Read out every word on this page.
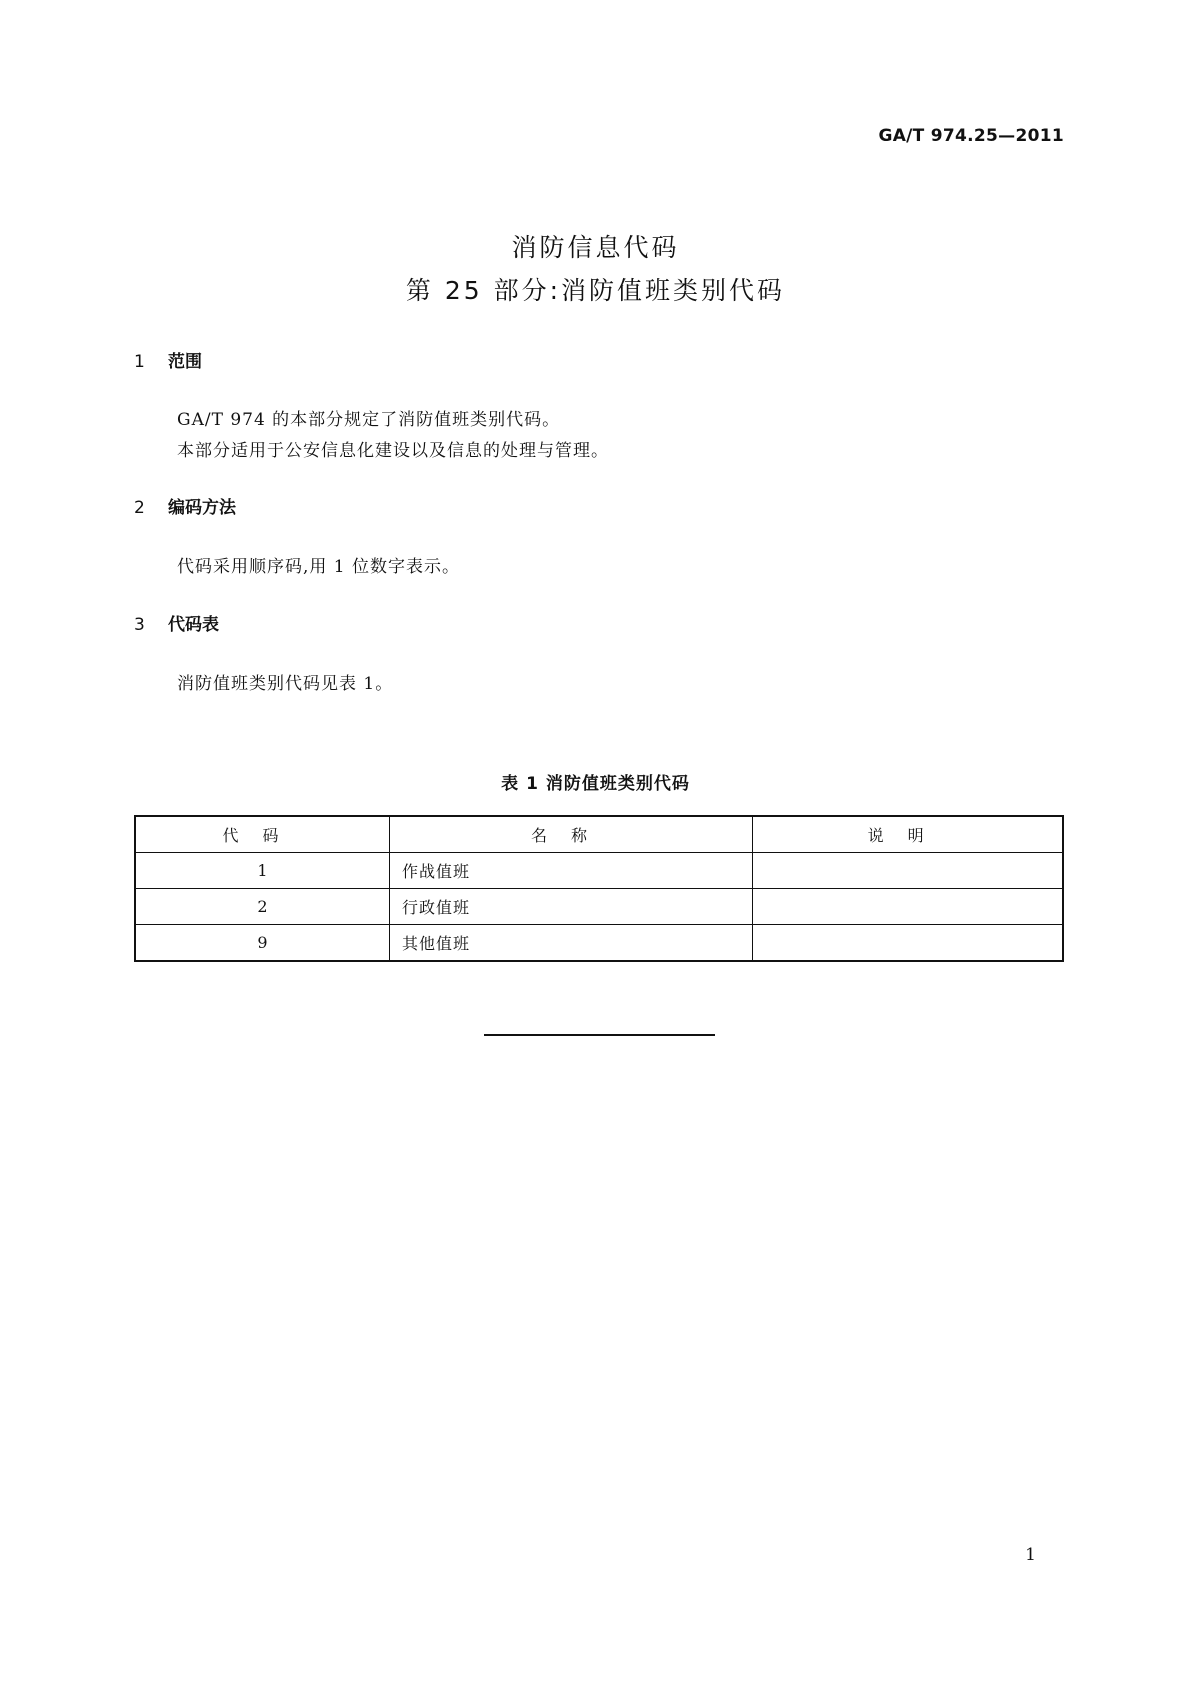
GA/T 974.25—2011
消防信息代码
第 25 部分:消防值班类别代码
1 范围
GA/T 974 的本部分规定了消防值班类别代码。
本部分适用于公安信息化建设以及信息的处理与管理。
2 编码方法
代码采用顺序码,用 1 位数字表示。
3 代码表
消防值班类别代码见表 1。
表 1 消防值班类别代码
代码	名称	说明
1	作战值班	
2	行政值班	
9	其他值班	
1
